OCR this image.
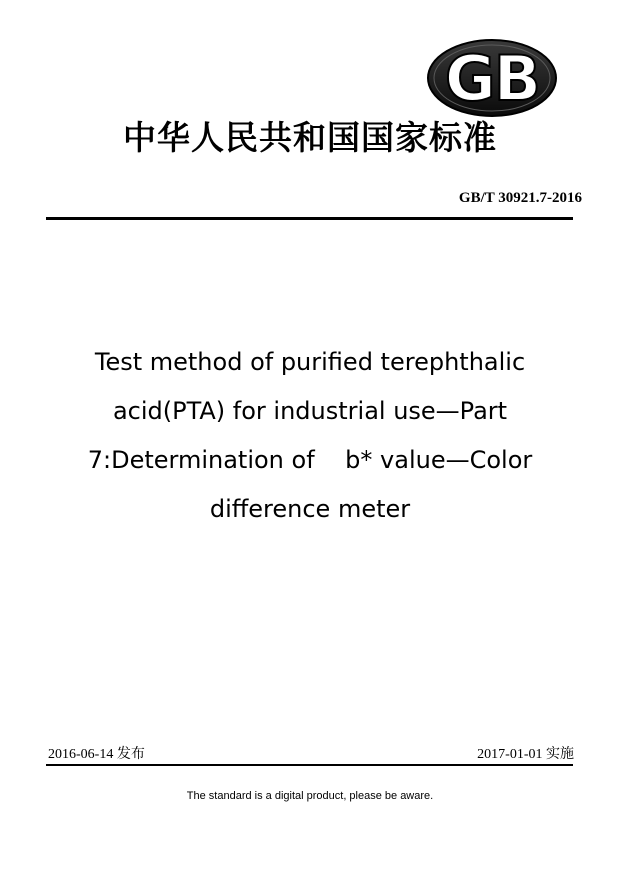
GB
中华人民共和国国家标准
GB/T 30921.7-2016
Test method of purified terephthalic
acid(PTA) for industrial use—Part
7:Determination of    b* value—Color
difference meter
2016-06-14 发布	2017-01-01 实施
The standard is a digital product, please be aware.
